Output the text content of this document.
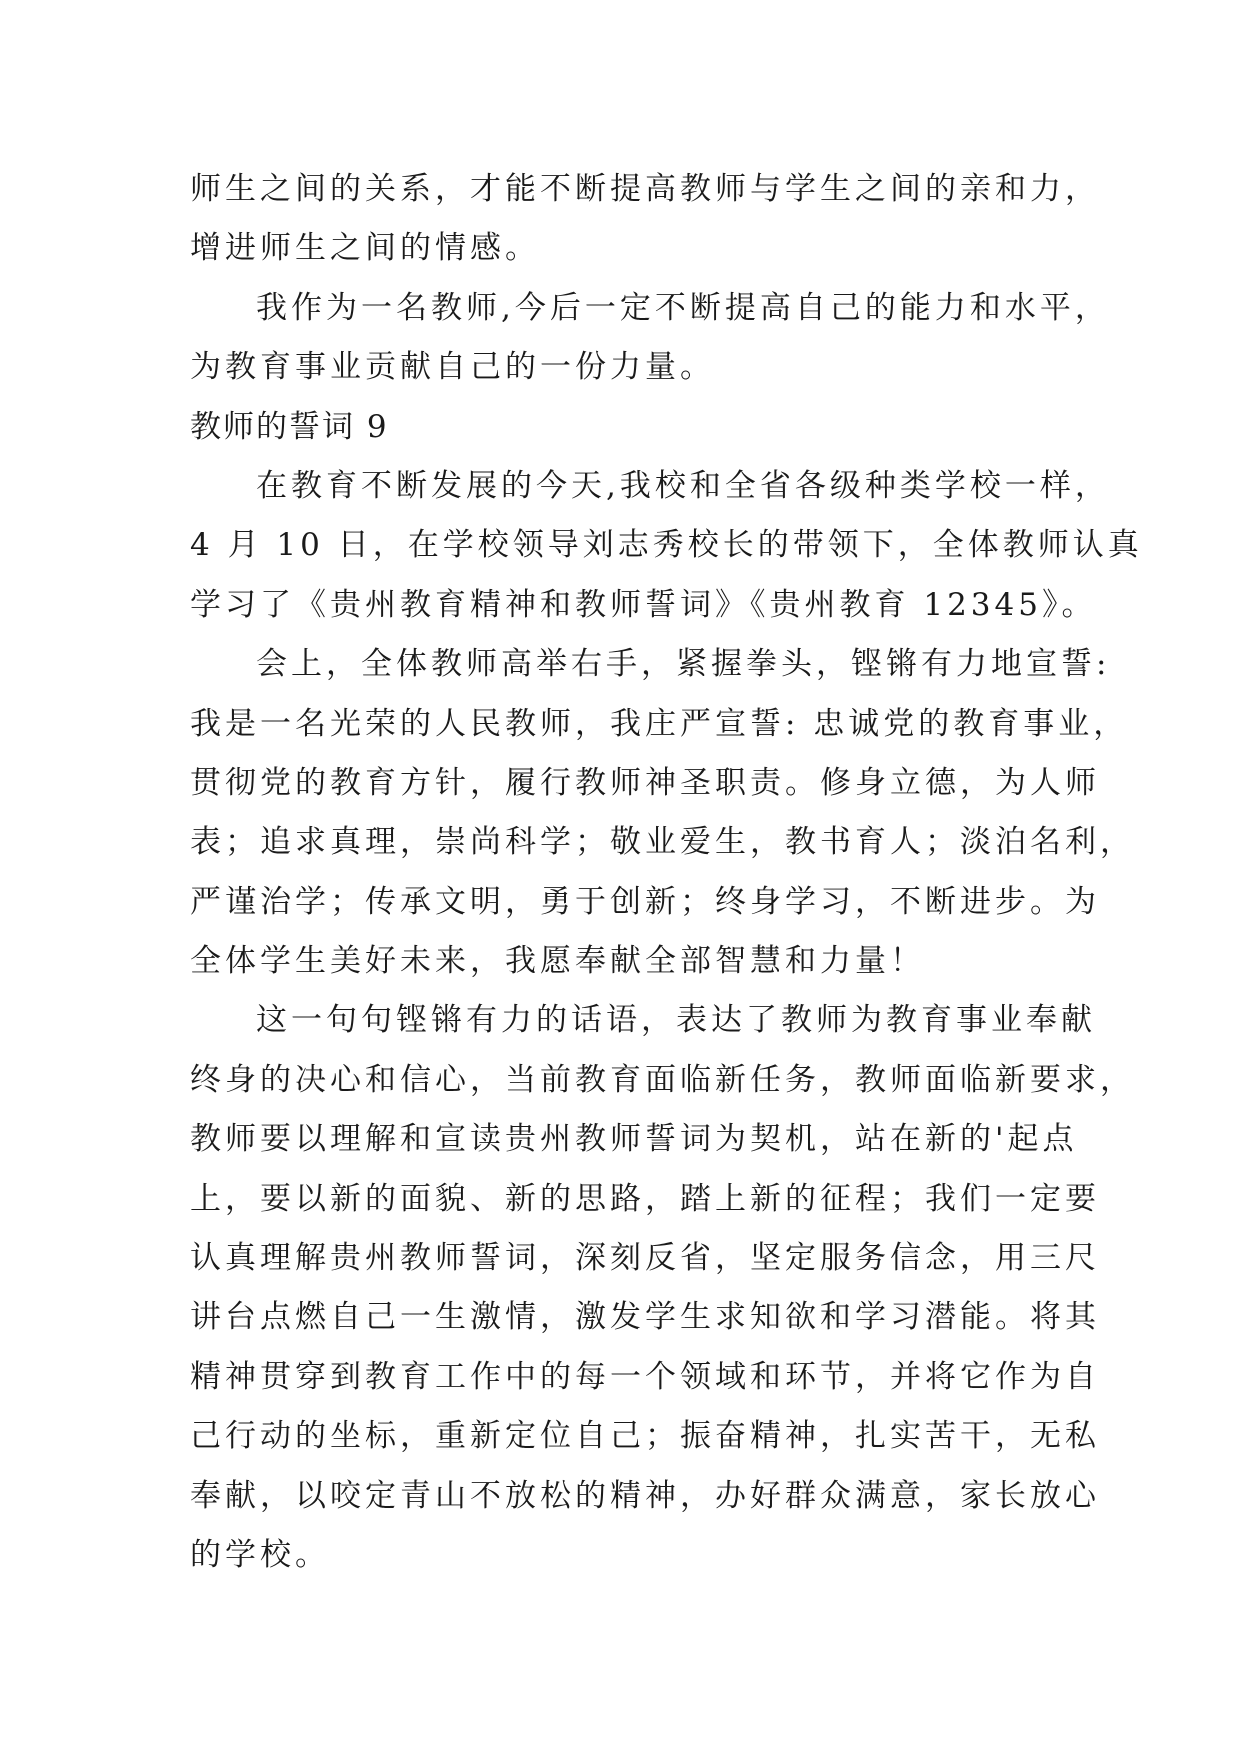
师生之间的关系，才能不断提高教师与学生之间的亲和力，
增进师生之间的情感。
我作为一名教师,今后一定不断提高自己的能力和水平，
为教育事业贡献自己的一份力量。
教师的誓词 9
在教育不断发展的今天,我校和全省各级种类学校一样，
4 月 10 日，在学校领导刘志秀校长的带领下，全体教师认真
学习了《贵州教育精神和教师誓词》《贵州教育 12345》。
会上，全体教师高举右手，紧握拳头，铿锵有力地宣誓:
我是一名光荣的人民教师，我庄严宣誓: 忠诚党的教育事业，
贯彻党的教育方针，履行教师神圣职责。修身立德，为人师
表；追求真理，崇尚科学；敬业爱生，教书育人；淡泊名利，
严谨治学；传承文明，勇于创新；终身学习，不断进步。为
全体学生美好未来，我愿奉献全部智慧和力量！
这一句句铿锵有力的话语，表达了教师为教育事业奉献
终身的决心和信心，当前教育面临新任务，教师面临新要求，
教师要以理解和宣读贵州教师誓词为契机，站在新的'起点
上，要以新的面貌、新的思路，踏上新的征程；我们一定要
认真理解贵州教师誓词，深刻反省，坚定服务信念，用三尺
讲台点燃自己一生激情，激发学生求知欲和学习潜能。将其
精神贯穿到教育工作中的每一个领域和环节，并将它作为自
己行动的坐标，重新定位自己；振奋精神，扎实苦干，无私
奉献，以咬定青山不放松的精神，办好群众满意，家长放心
的学校。
